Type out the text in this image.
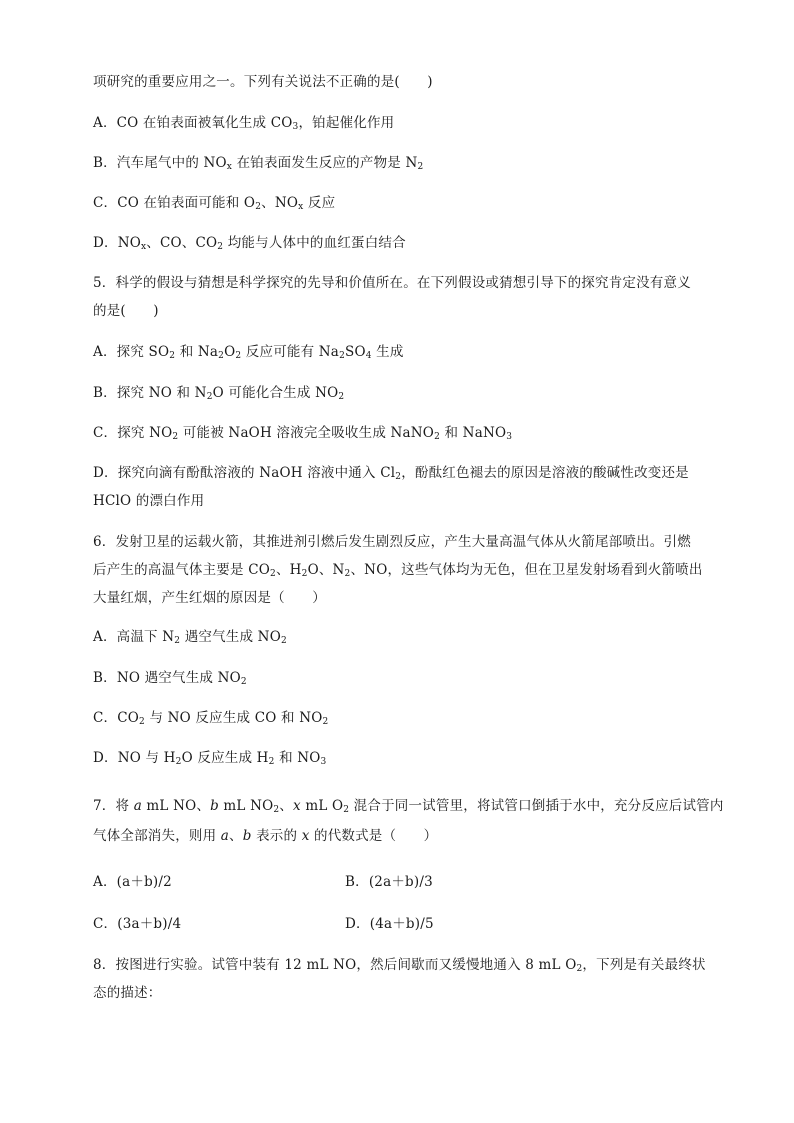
项研究的重要应用之一。下列有关说法不正确的是(　　)
A．CO 在铂表面被氧化生成 $CO_3$，铂起催化作用
B．汽车尾气中的 $NO_x$ 在铂表面发生反应的产物是 $N_2$
C．CO 在铂表面可能和 $O_2$、$NO_x$ 反应
D．$NO_x$、CO、$CO_2$ 均能与人体中的血红蛋白结合
5．科学的假设与猜想是科学探究的先导和价值所在。在下列假设或猜想引导下的探究肯定没有意义
的是(　　)
A．探究 $SO_2$ 和 $Na_2O_2$ 反应可能有 $Na_2SO_4$ 生成
B．探究 NO 和 $N_2O$ 可能化合生成 $NO_2$
C．探究 $NO_2$ 可能被 NaOH 溶液完全吸收生成 NaNO$_2$ 和 NaNO$_3$
D．探究向滴有酚酞溶液的 NaOH 溶液中通入 $Cl_2$，酚酞红色褪去的原因是溶液的酸碱性改变还是
HClO 的漂白作用
6．发射卫星的运载火箭，其推进剂引燃后发生剧烈反应，产生大量高温气体从火箭尾部喷出。引燃
后产生的高温气体主要是 $CO_2$、$H_2O$、$N_2$、NO，这些气体均为无色，但在卫星发射场看到火箭喷出
大量红烟，产生红烟的原因是（　　）
A．高温下 $N_2$ 遇空气生成 $NO_2$
B．NO 遇空气生成 $NO_2$
C．$CO_2$ 与 NO 反应生成 CO 和 $NO_2$
D．NO 与 $H_2O$ 反应生成 $H_2$ 和 $NO_3$
7．将 a mL NO、b mL $NO_2$、x mL $O_2$ 混合于同一试管里，将试管口倒插于水中，充分反应后试管内
气体全部消失，则用 a、b 表示的 x 的代数式是（　　）
A．(a＋b)/2	B．(2a＋b)/3
C．(3a＋b)/4	D．(4a＋b)/5
8．按图进行实验。试管中装有 12 mL NO，然后间歇而又缓慢地通入 8 mL $O_2$，下列是有关最终状
态的描述：
